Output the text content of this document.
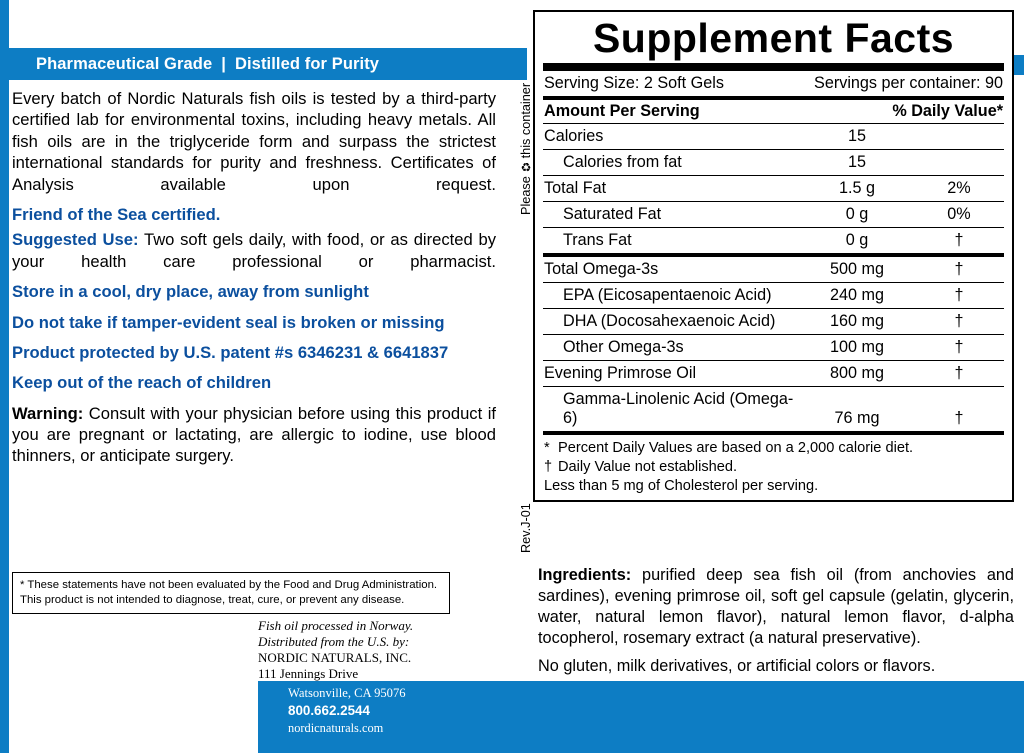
Pharmaceutical Grade | Distilled for Purity

Every batch of Nordic Naturals fish oils is tested by a third-party certified lab for environmental toxins, including heavy metals. All fish oils are in the triglyceride form and surpass the strictest international standards for purity and freshness. Certificates of Analysis available upon request.

Friend of the Sea certified.

Suggested Use: Two soft gels daily, with food, or as directed by your health care professional or pharmacist.

Store in a cool, dry place, away from sunlight

Do not take if tamper-evident seal is broken or missing

Product protected by U.S. patent #s 6346231 & 6641837

Keep out of the reach of children

Warning: Consult with your physician before using this product if you are pregnant or lactating, are allergic to iodine, use blood thinners, or anticipate surgery.

* These statements have not been evaluated by the Food and Drug Administration.
This product is not intended to diagnose, treat, cure, or prevent any disease.
Fish oil processed in Norway.
Distributed from the U.S. by:
NORDIC NATURALS, INC.
111 Jennings Drive
Watsonville, CA 95076
800.662.2544
nordicnaturals.com
Please ♻ this container
Rev.J-01
Supplement Facts
Serving Size: 2 Soft Gels	Servings per container: 90
Amount Per Serving	% Daily Value*
Calories	15	
Calories from fat	15	
Total Fat	1.5 g	2%
Saturated Fat	0 g	0%
Trans Fat	0 g	†
Total Omega-3s	500 mg	†
EPA (Eicosapentaenoic Acid)	240 mg	†
DHA (Docosahexaenoic Acid)	160 mg	†
Other Omega-3s	100 mg	†
Evening Primrose Oil	800 mg	†
Gamma-Linolenic Acid (Omega-6)	76 mg	†
* Percent Daily Values are based on a 2,000 calorie diet.
† Daily Value not established.
Less than 5 mg of Cholesterol per serving.

Ingredients: purified deep sea fish oil (from anchovies and sardines), evening primrose oil, soft gel capsule (gelatin, glycerin, water, natural lemon flavor), natural lemon flavor, d-alpha tocopherol, rosemary extract (a natural preservative).

No gluten, milk derivatives, or artificial colors or flavors.
